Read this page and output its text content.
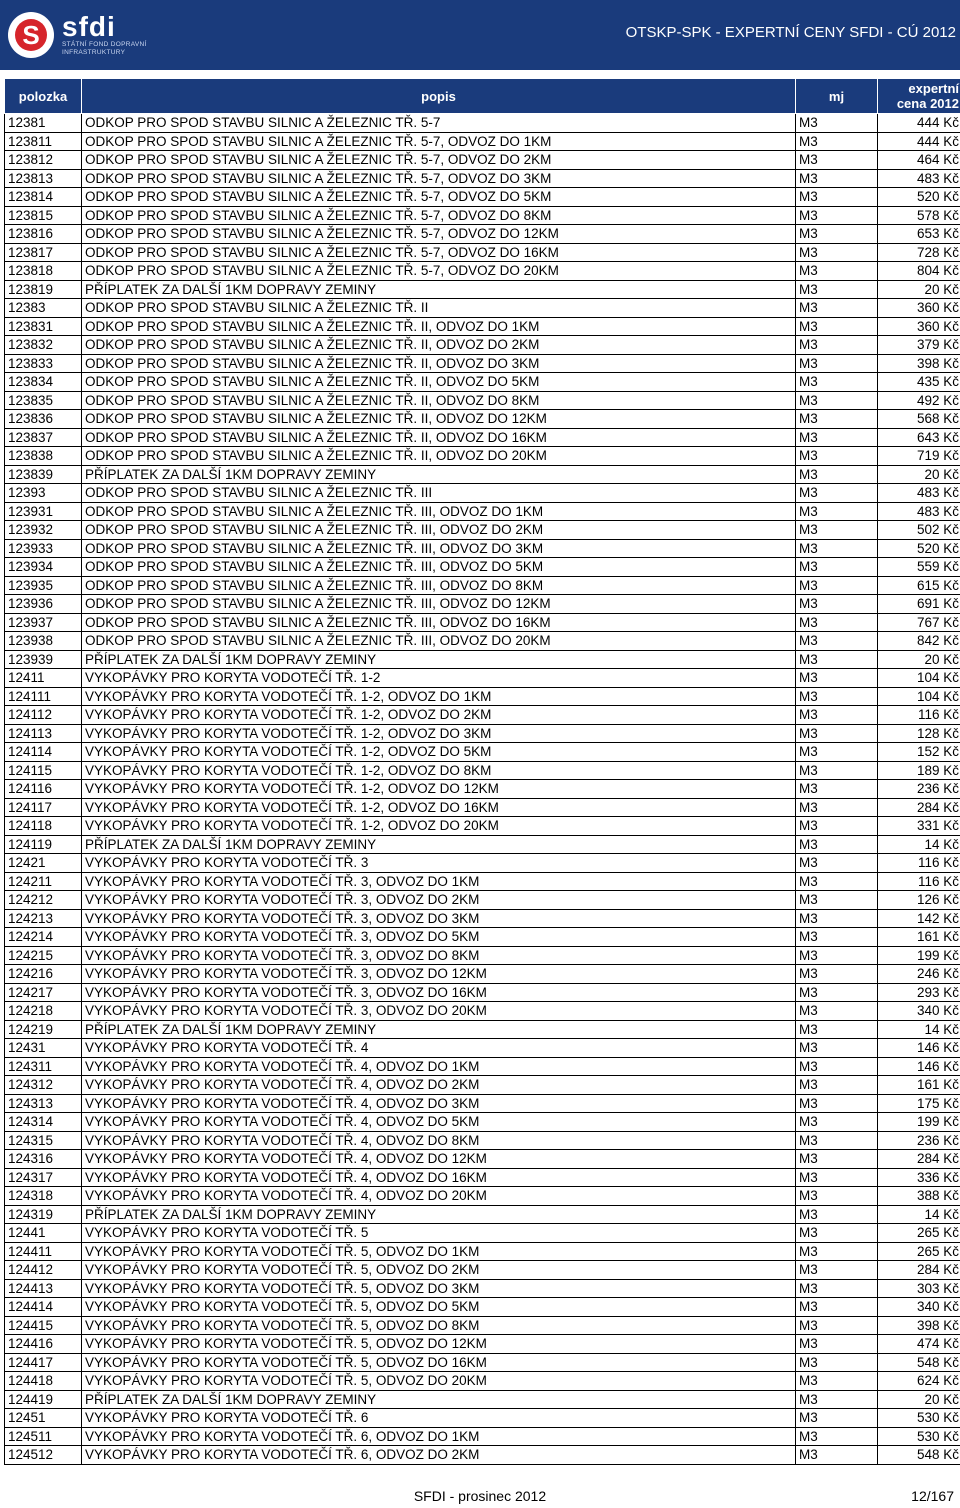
S
sfdi
STÁTNÍ FOND DOPRAVNÍ
INFRASTRUKTURY
OTSKP-SPK - EXPERTNÍ CENY SFDI - CÚ 2012
polozka	popis	mj	expertní cena 2012
12381	ODKOP PRO SPOD STAVBU SILNIC A ŽELEZNIC TŘ. 5-7	M3	444 Kč
123811	ODKOP PRO SPOD STAVBU SILNIC A ŽELEZNIC TŘ. 5-7, ODVOZ DO 1KM	M3	444 Kč
123812	ODKOP PRO SPOD STAVBU SILNIC A ŽELEZNIC TŘ. 5-7, ODVOZ DO 2KM	M3	464 Kč
123813	ODKOP PRO SPOD STAVBU SILNIC A ŽELEZNIC TŘ. 5-7, ODVOZ DO 3KM	M3	483 Kč
123814	ODKOP PRO SPOD STAVBU SILNIC A ŽELEZNIC TŘ. 5-7, ODVOZ DO 5KM	M3	520 Kč
123815	ODKOP PRO SPOD STAVBU SILNIC A ŽELEZNIC TŘ. 5-7, ODVOZ DO 8KM	M3	578 Kč
123816	ODKOP PRO SPOD STAVBU SILNIC A ŽELEZNIC TŘ. 5-7, ODVOZ DO 12KM	M3	653 Kč
123817	ODKOP PRO SPOD STAVBU SILNIC A ŽELEZNIC TŘ. 5-7, ODVOZ DO 16KM	M3	728 Kč
123818	ODKOP PRO SPOD STAVBU SILNIC A ŽELEZNIC TŘ. 5-7, ODVOZ DO 20KM	M3	804 Kč
123819	PŘÍPLATEK ZA DALŠÍ 1KM DOPRAVY ZEMINY	M3	20 Kč
12383	ODKOP PRO SPOD STAVBU SILNIC A ŽELEZNIC TŘ. II	M3	360 Kč
123831	ODKOP PRO SPOD STAVBU SILNIC A ŽELEZNIC TŘ. II, ODVOZ DO 1KM	M3	360 Kč
123832	ODKOP PRO SPOD STAVBU SILNIC A ŽELEZNIC TŘ. II, ODVOZ DO 2KM	M3	379 Kč
123833	ODKOP PRO SPOD STAVBU SILNIC A ŽELEZNIC TŘ. II, ODVOZ DO 3KM	M3	398 Kč
123834	ODKOP PRO SPOD STAVBU SILNIC A ŽELEZNIC TŘ. II, ODVOZ DO 5KM	M3	435 Kč
123835	ODKOP PRO SPOD STAVBU SILNIC A ŽELEZNIC TŘ. II, ODVOZ DO 8KM	M3	492 Kč
123836	ODKOP PRO SPOD STAVBU SILNIC A ŽELEZNIC TŘ. II, ODVOZ DO 12KM	M3	568 Kč
123837	ODKOP PRO SPOD STAVBU SILNIC A ŽELEZNIC TŘ. II, ODVOZ DO 16KM	M3	643 Kč
123838	ODKOP PRO SPOD STAVBU SILNIC A ŽELEZNIC TŘ. II, ODVOZ DO 20KM	M3	719 Kč
123839	PŘÍPLATEK ZA DALŠÍ 1KM DOPRAVY ZEMINY	M3	20 Kč
12393	ODKOP PRO SPOD STAVBU SILNIC A ŽELEZNIC TŘ. III	M3	483 Kč
123931	ODKOP PRO SPOD STAVBU SILNIC A ŽELEZNIC TŘ. III, ODVOZ DO 1KM	M3	483 Kč
123932	ODKOP PRO SPOD STAVBU SILNIC A ŽELEZNIC TŘ. III, ODVOZ DO 2KM	M3	502 Kč
123933	ODKOP PRO SPOD STAVBU SILNIC A ŽELEZNIC TŘ. III, ODVOZ DO 3KM	M3	520 Kč
123934	ODKOP PRO SPOD STAVBU SILNIC A ŽELEZNIC TŘ. III, ODVOZ DO 5KM	M3	559 Kč
123935	ODKOP PRO SPOD STAVBU SILNIC A ŽELEZNIC TŘ. III, ODVOZ DO 8KM	M3	615 Kč
123936	ODKOP PRO SPOD STAVBU SILNIC A ŽELEZNIC TŘ. III, ODVOZ DO 12KM	M3	691 Kč
123937	ODKOP PRO SPOD STAVBU SILNIC A ŽELEZNIC TŘ. III, ODVOZ DO 16KM	M3	767 Kč
123938	ODKOP PRO SPOD STAVBU SILNIC A ŽELEZNIC TŘ. III, ODVOZ DO 20KM	M3	842 Kč
123939	PŘÍPLATEK ZA DALŠÍ 1KM DOPRAVY ZEMINY	M3	20 Kč
12411	VYKOPÁVKY PRO KORYTA VODOTEČÍ TŘ. 1-2	M3	104 Kč
124111	VYKOPÁVKY PRO KORYTA VODOTEČÍ TŘ. 1-2, ODVOZ DO 1KM	M3	104 Kč
124112	VYKOPÁVKY PRO KORYTA VODOTEČÍ TŘ. 1-2, ODVOZ DO 2KM	M3	116 Kč
124113	VYKOPÁVKY PRO KORYTA VODOTEČÍ TŘ. 1-2, ODVOZ DO 3KM	M3	128 Kč
124114	VYKOPÁVKY PRO KORYTA VODOTEČÍ TŘ. 1-2, ODVOZ DO 5KM	M3	152 Kč
124115	VYKOPÁVKY PRO KORYTA VODOTEČÍ TŘ. 1-2, ODVOZ DO 8KM	M3	189 Kč
124116	VYKOPÁVKY PRO KORYTA VODOTEČÍ TŘ. 1-2, ODVOZ DO 12KM	M3	236 Kč
124117	VYKOPÁVKY PRO KORYTA VODOTEČÍ TŘ. 1-2, ODVOZ DO 16KM	M3	284 Kč
124118	VYKOPÁVKY PRO KORYTA VODOTEČÍ TŘ. 1-2, ODVOZ DO 20KM	M3	331 Kč
124119	PŘÍPLATEK ZA DALŠÍ 1KM DOPRAVY ZEMINY	M3	14 Kč
12421	VYKOPÁVKY PRO KORYTA VODOTEČÍ TŘ. 3	M3	116 Kč
124211	VYKOPÁVKY PRO KORYTA VODOTEČÍ TŘ. 3, ODVOZ DO 1KM	M3	116 Kč
124212	VYKOPÁVKY PRO KORYTA VODOTEČÍ TŘ. 3, ODVOZ DO 2KM	M3	126 Kč
124213	VYKOPÁVKY PRO KORYTA VODOTEČÍ TŘ. 3, ODVOZ DO 3KM	M3	142 Kč
124214	VYKOPÁVKY PRO KORYTA VODOTEČÍ TŘ. 3, ODVOZ DO 5KM	M3	161 Kč
124215	VYKOPÁVKY PRO KORYTA VODOTEČÍ TŘ. 3, ODVOZ DO 8KM	M3	199 Kč
124216	VYKOPÁVKY PRO KORYTA VODOTEČÍ TŘ. 3, ODVOZ DO 12KM	M3	246 Kč
124217	VYKOPÁVKY PRO KORYTA VODOTEČÍ TŘ. 3, ODVOZ DO 16KM	M3	293 Kč
124218	VYKOPÁVKY PRO KORYTA VODOTEČÍ TŘ. 3, ODVOZ DO 20KM	M3	340 Kč
124219	PŘÍPLATEK ZA DALŠÍ 1KM DOPRAVY ZEMINY	M3	14 Kč
12431	VYKOPÁVKY PRO KORYTA VODOTEČÍ TŘ. 4	M3	146 Kč
124311	VYKOPÁVKY PRO KORYTA VODOTEČÍ TŘ. 4, ODVOZ DO 1KM	M3	146 Kč
124312	VYKOPÁVKY PRO KORYTA VODOTEČÍ TŘ. 4, ODVOZ DO 2KM	M3	161 Kč
124313	VYKOPÁVKY PRO KORYTA VODOTEČÍ TŘ. 4, ODVOZ DO 3KM	M3	175 Kč
124314	VYKOPÁVKY PRO KORYTA VODOTEČÍ TŘ. 4, ODVOZ DO 5KM	M3	199 Kč
124315	VYKOPÁVKY PRO KORYTA VODOTEČÍ TŘ. 4, ODVOZ DO 8KM	M3	236 Kč
124316	VYKOPÁVKY PRO KORYTA VODOTEČÍ TŘ. 4, ODVOZ DO 12KM	M3	284 Kč
124317	VYKOPÁVKY PRO KORYTA VODOTEČÍ TŘ. 4, ODVOZ DO 16KM	M3	336 Kč
124318	VYKOPÁVKY PRO KORYTA VODOTEČÍ TŘ. 4, ODVOZ DO 20KM	M3	388 Kč
124319	PŘÍPLATEK ZA DALŠÍ 1KM DOPRAVY ZEMINY	M3	14 Kč
12441	VYKOPÁVKY PRO KORYTA VODOTEČÍ TŘ. 5	M3	265 Kč
124411	VYKOPÁVKY PRO KORYTA VODOTEČÍ TŘ. 5, ODVOZ DO 1KM	M3	265 Kč
124412	VYKOPÁVKY PRO KORYTA VODOTEČÍ TŘ. 5, ODVOZ DO 2KM	M3	284 Kč
124413	VYKOPÁVKY PRO KORYTA VODOTEČÍ TŘ. 5, ODVOZ DO 3KM	M3	303 Kč
124414	VYKOPÁVKY PRO KORYTA VODOTEČÍ TŘ. 5, ODVOZ DO 5KM	M3	340 Kč
124415	VYKOPÁVKY PRO KORYTA VODOTEČÍ TŘ. 5, ODVOZ DO 8KM	M3	398 Kč
124416	VYKOPÁVKY PRO KORYTA VODOTEČÍ TŘ. 5, ODVOZ DO 12KM	M3	474 Kč
124417	VYKOPÁVKY PRO KORYTA VODOTEČÍ TŘ. 5, ODVOZ DO 16KM	M3	548 Kč
124418	VYKOPÁVKY PRO KORYTA VODOTEČÍ TŘ. 5, ODVOZ DO 20KM	M3	624 Kč
124419	PŘÍPLATEK ZA DALŠÍ 1KM DOPRAVY ZEMINY	M3	20 Kč
12451	VYKOPÁVKY PRO KORYTA VODOTEČÍ TŘ. 6	M3	530 Kč
124511	VYKOPÁVKY PRO KORYTA VODOTEČÍ TŘ. 6, ODVOZ DO 1KM	M3	530 Kč
124512	VYKOPÁVKY PRO KORYTA VODOTEČÍ TŘ. 6, ODVOZ DO 2KM	M3	548 Kč
SFDI - prosinec 2012	12/167
